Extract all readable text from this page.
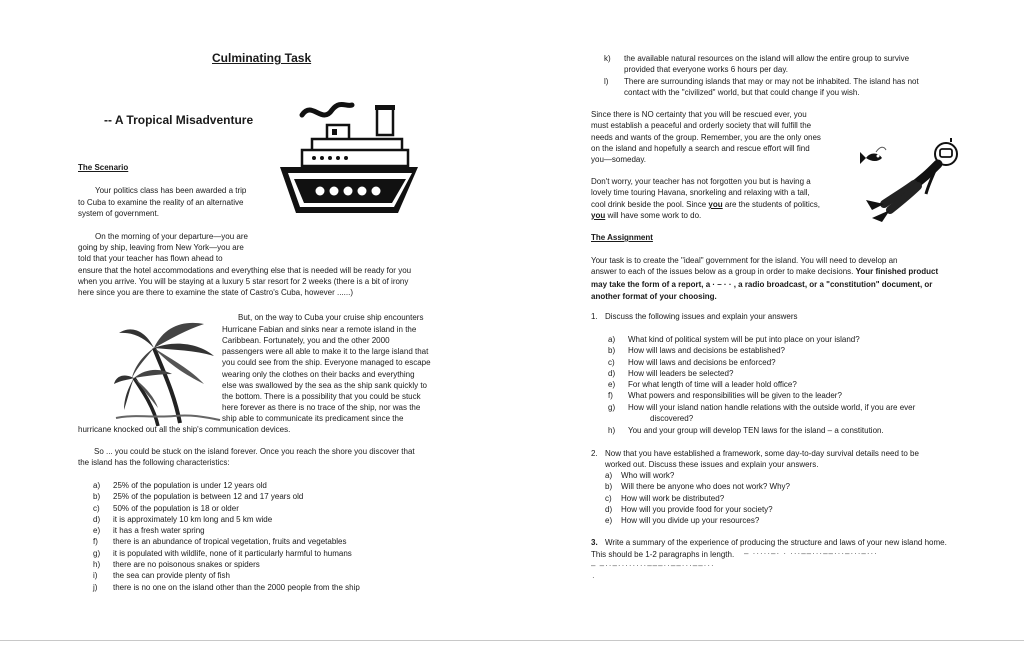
Culminating Task
-- A Tropical Misadventure
The Scenario
Your politics class has been awarded a trip
to Cuba to examine the reality of an alternative
system of government.
On the morning of your departure—you are
going by ship, leaving from New York—you are
told that your teacher has flown ahead to
ensure that the hotel accommodations and everything else that is needed will be ready for you
when you arrive. You will be staying at a luxury 5 star resort for 2 weeks (there is a bit of irony
here since you are there to examine the state of Castro's Cuba, however ......)
But, on the way to Cuba your cruise ship encounters
Hurricane Fabian and sinks near a remote island in the
Caribbean. Fortunately, you and the other 2000
passengers were all able to make it to the large island that
you could see from the ship. Everyone managed to escape
wearing only the clothes on their backs and everything
else was swallowed by the sea as the ship sank quickly to
the bottom. There is a possibility that you could be stuck
here forever as there is no trace of the ship, nor was the
ship able to communicate its predicament since the
hurricane knocked out all the ship's communication devices.
So ... you could be stuck on the island forever. Once you reach the shore you discover that
the island has the following characteristics:
a)	25% of the population is under 12 years old
b)	25% of the population is between 12 and 17 years old
c)	50% of the population is 18 or older
d)	it is approximately 10 km long and 5 km wide
e)	it has a fresh water spring
f)	there is an abundance of tropical vegetation, fruits and vegetables
g)	it is populated with wildlife, none of it particularly harmful to humans
h)	there are no poisonous snakes or spiders
i)	the sea can provide plenty of fish
j)	there is no one on the island other than the 2000 people from the ship
k)	the available natural resources on the island will allow the entire group to survive
provided that everyone works 6 hours per day.
l)	There are surrounding islands that may or may not be inhabited. The island has not
contact with the "civilized" world, but that could change if you wish.
Since there is NO certainty that you will be rescued ever, you
must establish a peaceful and orderly society that will fulfill the
needs and wants of the group. Remember, you are the only ones
on the island and hopefully a search and rescue effort will find
you—someday.
Don't worry, your teacher has not forgotten you but is having a
lovely time touring Havana, snorkeling and relaxing with a tall,
cool drink beside the pool. Since you are the students of politics,
you will have some work to do.
The Assignment
Your task is to create the "ideal" government for the island. You will need to develop an
answer to each of the issues below as a group in order to make decisions. Your finished product
may take the form of a report, a · – · · , a radio broadcast, or a "constitution" document, or
another format of your choosing.
1. Discuss the following issues and explain your answers
a)	What kind of political system will be put into place on your island?
b)	How will laws and decisions be established?
c)	How will laws and decisions be enforced?
d)	How will leaders be selected?
e)	For what length of time will a leader hold office?
f)	What powers and responsibilities will be given to the leader?
g)	How will your island nation handle relations with the outside world, if you are ever
discovered?
h)	You and your group will develop TEN laws for the island – a constitution.
2. Now that you have established a framework, some day-to-day survival details need to be
worked out. Discuss these issues and explain your answers.
a)	Who will work?
b)	Will there be anyone who does not work? Why?
c)	How will work be distributed?
d)	How will you provide food for your society?
e)	How will you divide up your resources?
3. Write a summary of the experience of producing the structure and laws of your new island home.
This should be 1-2 paragraphs in length. – ·····–· · ···––···––···–···–···
– –··–········–––··––···––···
·
